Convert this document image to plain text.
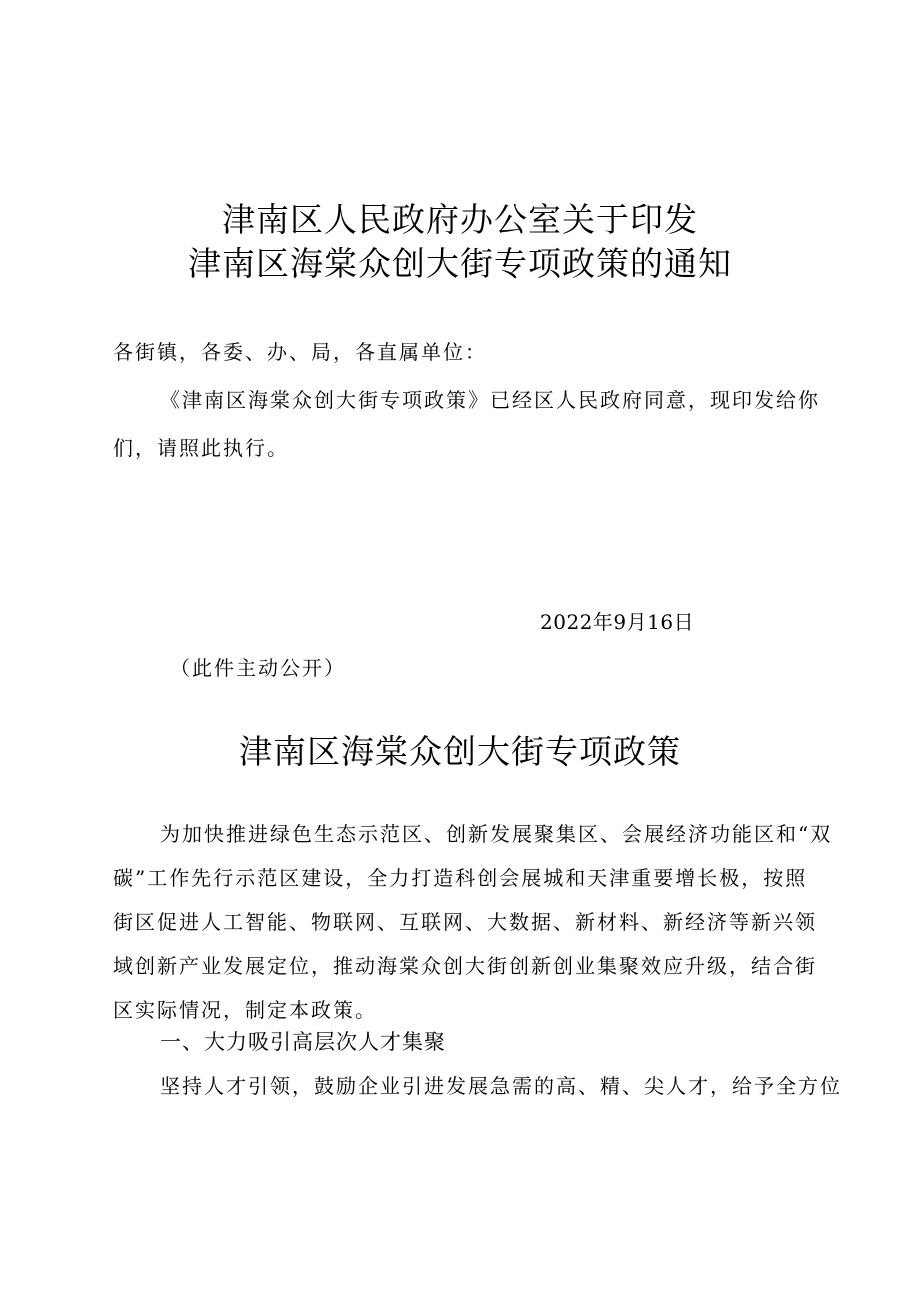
津南区人民政府办公室关于印发
津南区海棠众创大街专项政策的通知
各街镇，各委、办、局，各直属单位：
《津南区海棠众创大街专项政策》已经区人民政府同意，现印发给你
们，请照此执行。
2022年9月16日
（此件主动公开）
津南区海棠众创大街专项政策
为加快推进绿色生态示范区、创新发展聚集区、会展经济功能区和“双
碳”工作先行示范区建设，全力打造科创会展城和天津重要增长极，按照
街区促进人工智能、物联网、互联网、大数据、新材料、新经济等新兴领
域创新产业发展定位，推动海棠众创大街创新创业集聚效应升级，结合街
区实际情况，制定本政策。
一、大力吸引高层次人才集聚
坚持人才引领，鼓励企业引进发展急需的高、精、尖人才，给予全方位
